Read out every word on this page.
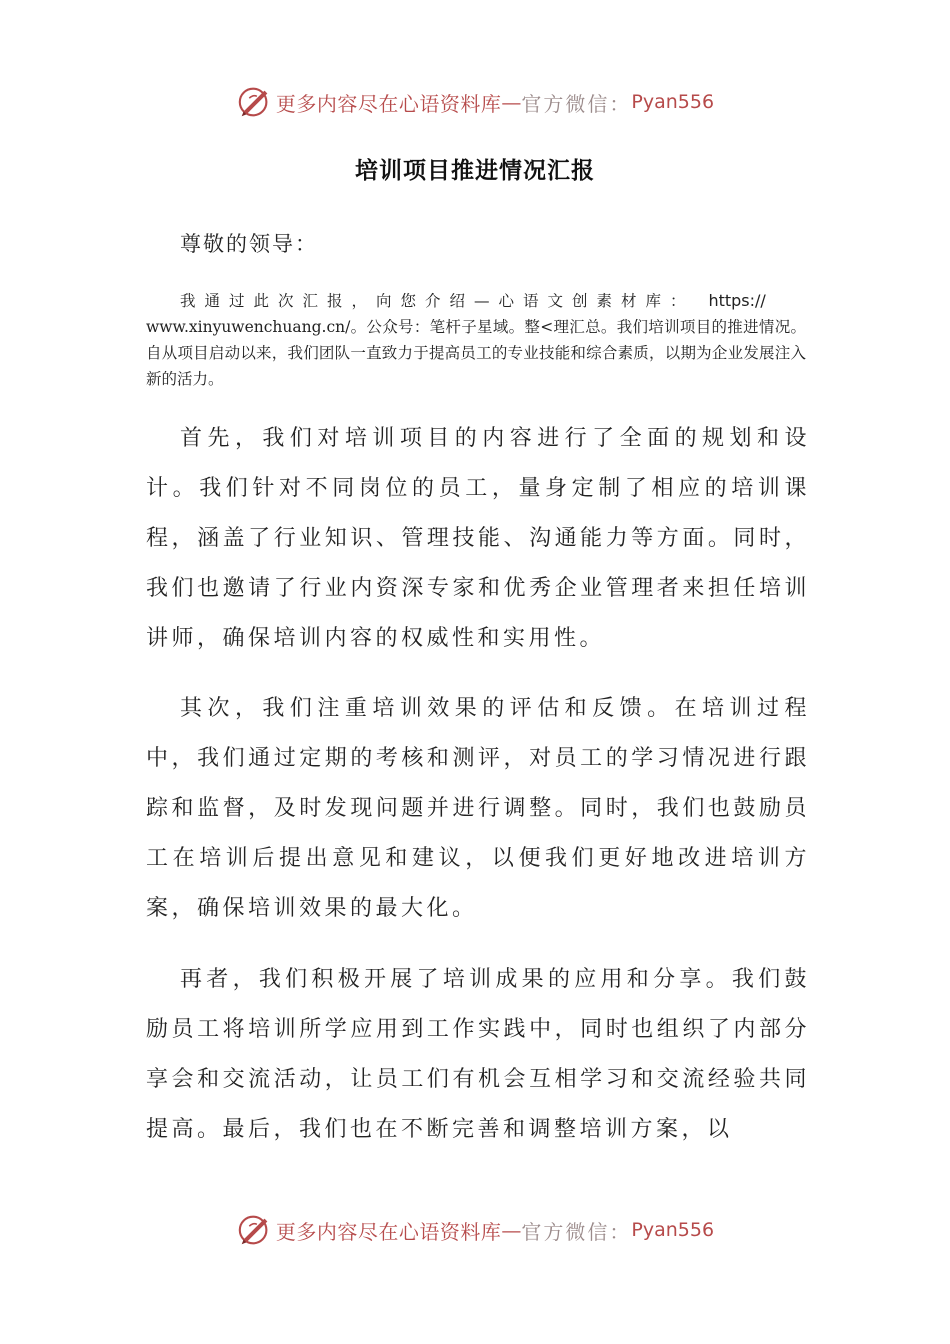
更多内容尽在心语资料库 — 官方微信： Pyan556
培训项目推进情况汇报
尊敬的领导：

我通过此次汇报，向您介绍—心语文创素材库： https://

www.xinyuwenchuang.cn/。公众号：笔杆子星域。整<理汇总。我们培训项目的推进情况。自从项目启动以来，我们团队一直致力于提高员工的专业技能和综合素质，以期为企业发展注入新的活力。

首先，我们对培训项目的内容进行了全面的规划和设计。我们针对不同岗位的员工，量身定制了相应的培训课程，涵盖了行业知识、管理技能、沟通能力等方面。同时，我们也邀请了行业内资深专家和优秀企业管理者来担任培训讲师，确保培训内容的权威性和实用性。

其次，我们注重培训效果的评估和反馈。在培训过程中，我们通过定期的考核和测评，对员工的学习情况进行跟踪和监督，及时发现问题并进行调整。同时，我们也鼓励员工在培训后提出意见和建议，以便我们更好地改进培训方案，确保培训效果的最大化。

再者，我们积极开展了培训成果的应用和分享。我们鼓励员工将培训所学应用到工作实践中，同时也组织了内部分享会和交流活动，让员工们有机会互相学习和交流经验共同提高。最后，我们也在不断完善和调整培训方案，以

更多内容尽在心语资料库 — 官方微信： Pyan556
